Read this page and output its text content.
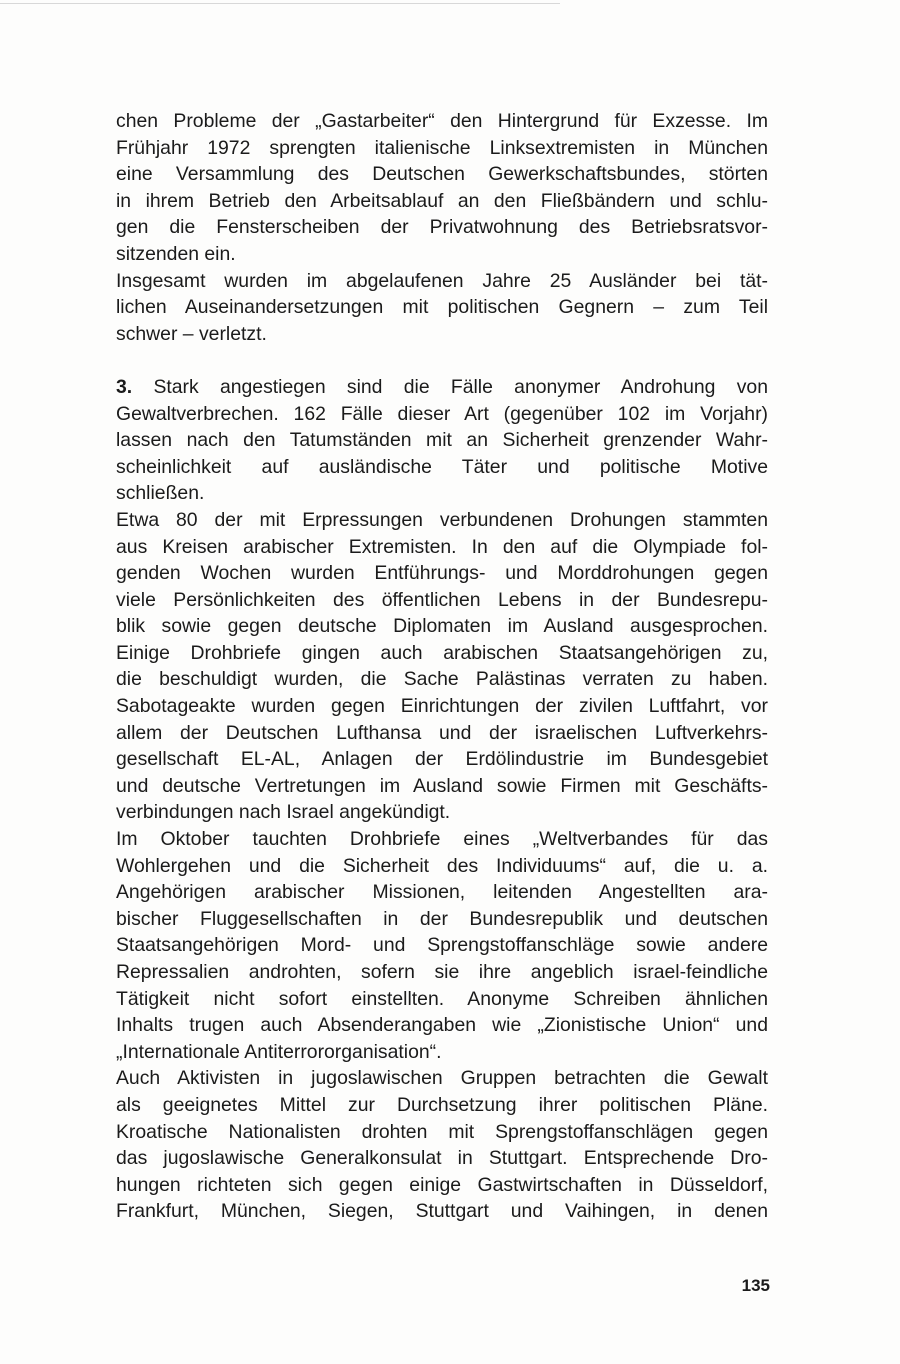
chen Probleme der „Gastarbeiter“ den Hintergrund für Exzesse. Im
Frühjahr 1972 sprengten italienische Linksextremisten in München
eine Versammlung des Deutschen Gewerkschaftsbundes, störten
in ihrem Betrieb den Arbeitsablauf an den Fließbändern und schlu-
gen die Fensterscheiben der Privatwohnung des Betriebsratsvor-
sitzenden ein.
Insgesamt wurden im abgelaufenen Jahre 25 Ausländer bei tät-
lichen Auseinandersetzungen mit politischen Gegnern – zum Teil
schwer – verletzt.
3. Stark angestiegen sind die Fälle anonymer Androhung von
Gewaltverbrechen. 162 Fälle dieser Art (gegenüber 102 im Vorjahr)
lassen nach den Tatumständen mit an Sicherheit grenzender Wahr-
scheinlichkeit auf ausländische Täter und politische Motive
schließen.
Etwa 80 der mit Erpressungen verbundenen Drohungen stammten
aus Kreisen arabischer Extremisten. In den auf die Olympiade fol-
genden Wochen wurden Entführungs- und Morddrohungen gegen
viele Persönlichkeiten des öffentlichen Lebens in der Bundesrepu-
blik sowie gegen deutsche Diplomaten im Ausland ausgesprochen.
Einige Drohbriefe gingen auch arabischen Staatsangehörigen zu,
die beschuldigt wurden, die Sache Palästinas verraten zu haben.
Sabotageakte wurden gegen Einrichtungen der zivilen Luftfahrt, vor
allem der Deutschen Lufthansa und der israelischen Luftverkehrs-
gesellschaft EL-AL, Anlagen der Erdölindustrie im Bundesgebiet
und deutsche Vertretungen im Ausland sowie Firmen mit Geschäfts-
verbindungen nach Israel angekündigt.
Im Oktober tauchten Drohbriefe eines „Weltverbandes für das
Wohlergehen und die Sicherheit des Individuums“ auf, die u. a.
Angehörigen arabischer Missionen, leitenden Angestellten ara-
bischer Fluggesellschaften in der Bundesrepublik und deutschen
Staatsangehörigen Mord- und Sprengstoffanschläge sowie andere
Repressalien androhten, sofern sie ihre angeblich israel-feindliche
Tätigkeit nicht sofort einstellten. Anonyme Schreiben ähnlichen
Inhalts trugen auch Absenderangaben wie „Zionistische Union“ und
„Internationale Antiterrororganisation“.
Auch Aktivisten in jugoslawischen Gruppen betrachten die Gewalt
als geeignetes Mittel zur Durchsetzung ihrer politischen Pläne.
Kroatische Nationalisten drohten mit Sprengstoffanschlägen gegen
das jugoslawische Generalkonsulat in Stuttgart. Entsprechende Dro-
hungen richteten sich gegen einige Gastwirtschaften in Düsseldorf,
Frankfurt, München, Siegen, Stuttgart und Vaihingen, in denen
135
